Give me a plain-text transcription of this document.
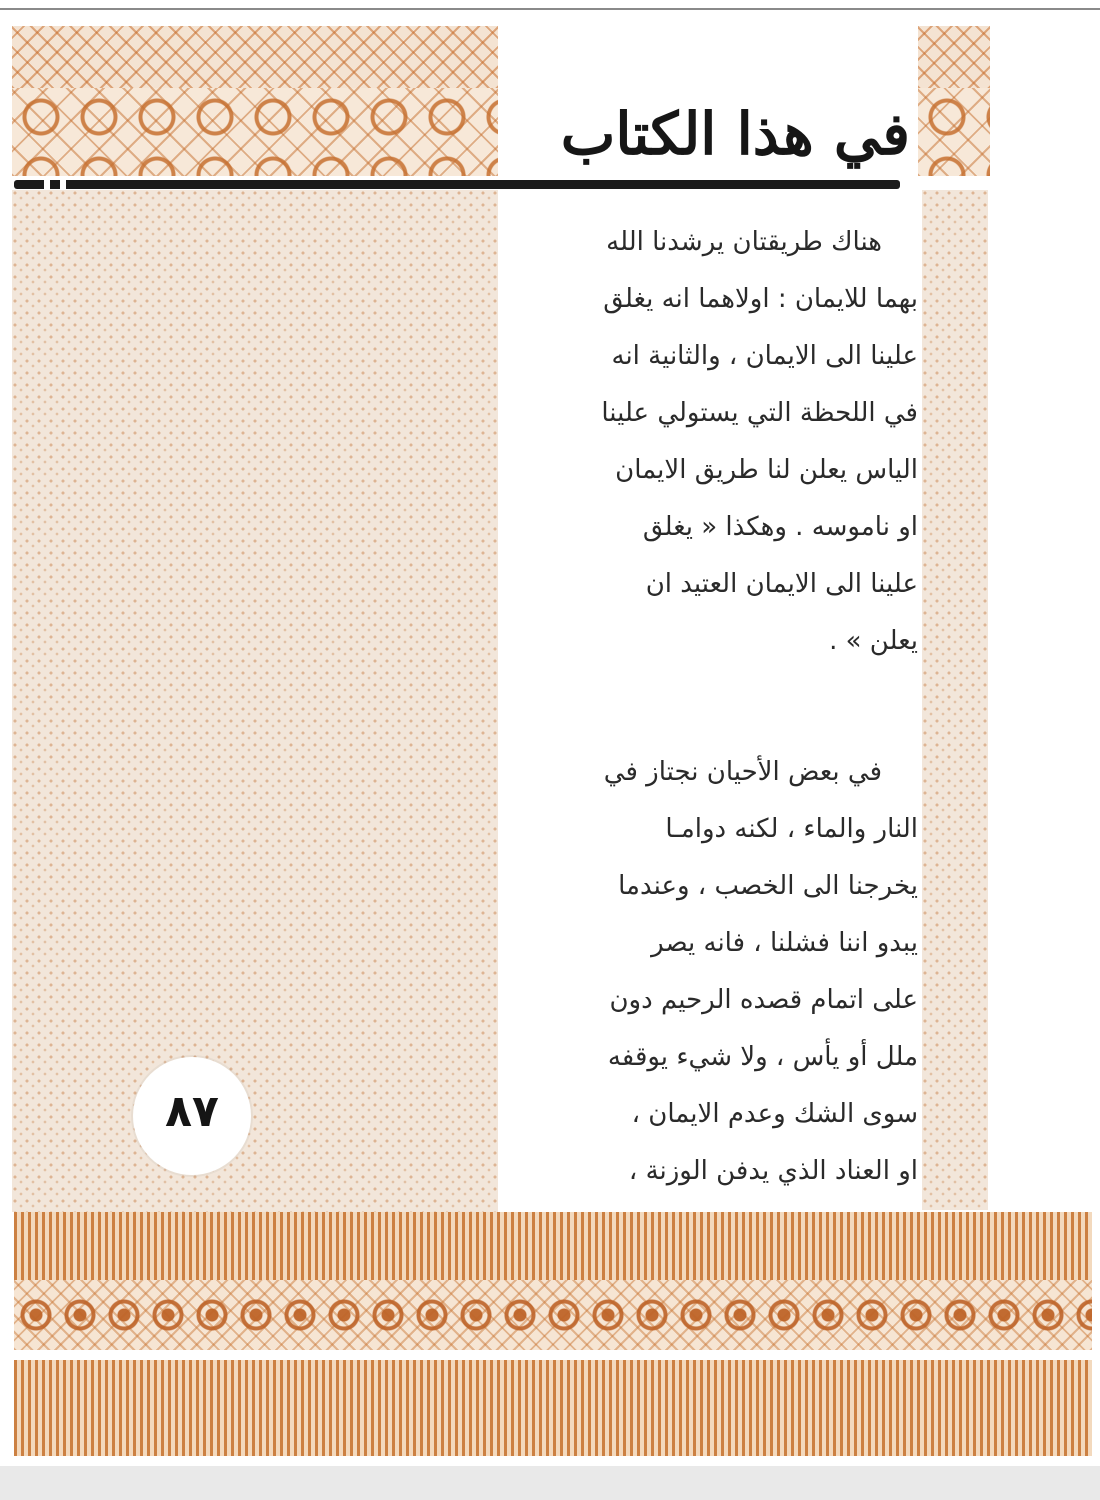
في هذا الكتاب
٨٧
هناك طريقتان يرشدنا الله
بهما للايمان : اولاهما انه يغلق
علينا الى الايمان ، والثانية انه
في اللحظة التي يستولي علينا
الياس يعلن لنا طريق الايمان
او ناموسه . وهكذا « يغلق
علينا الى الايمان العتيد ان
يعلن » .
في بعض الأحيان نجتاز في
النار والماء ، لكنه دوامـا
يخرجنا الى الخصب ، وعندما
يبدو اننا فشلنا ، فانه يصر
على اتمام قصده الرحيم دون
ملل أو يأس ، ولا شيء يوقفه
سوى الشك وعدم الايمان ،
او العناد الذي يدفن الوزنة ،
